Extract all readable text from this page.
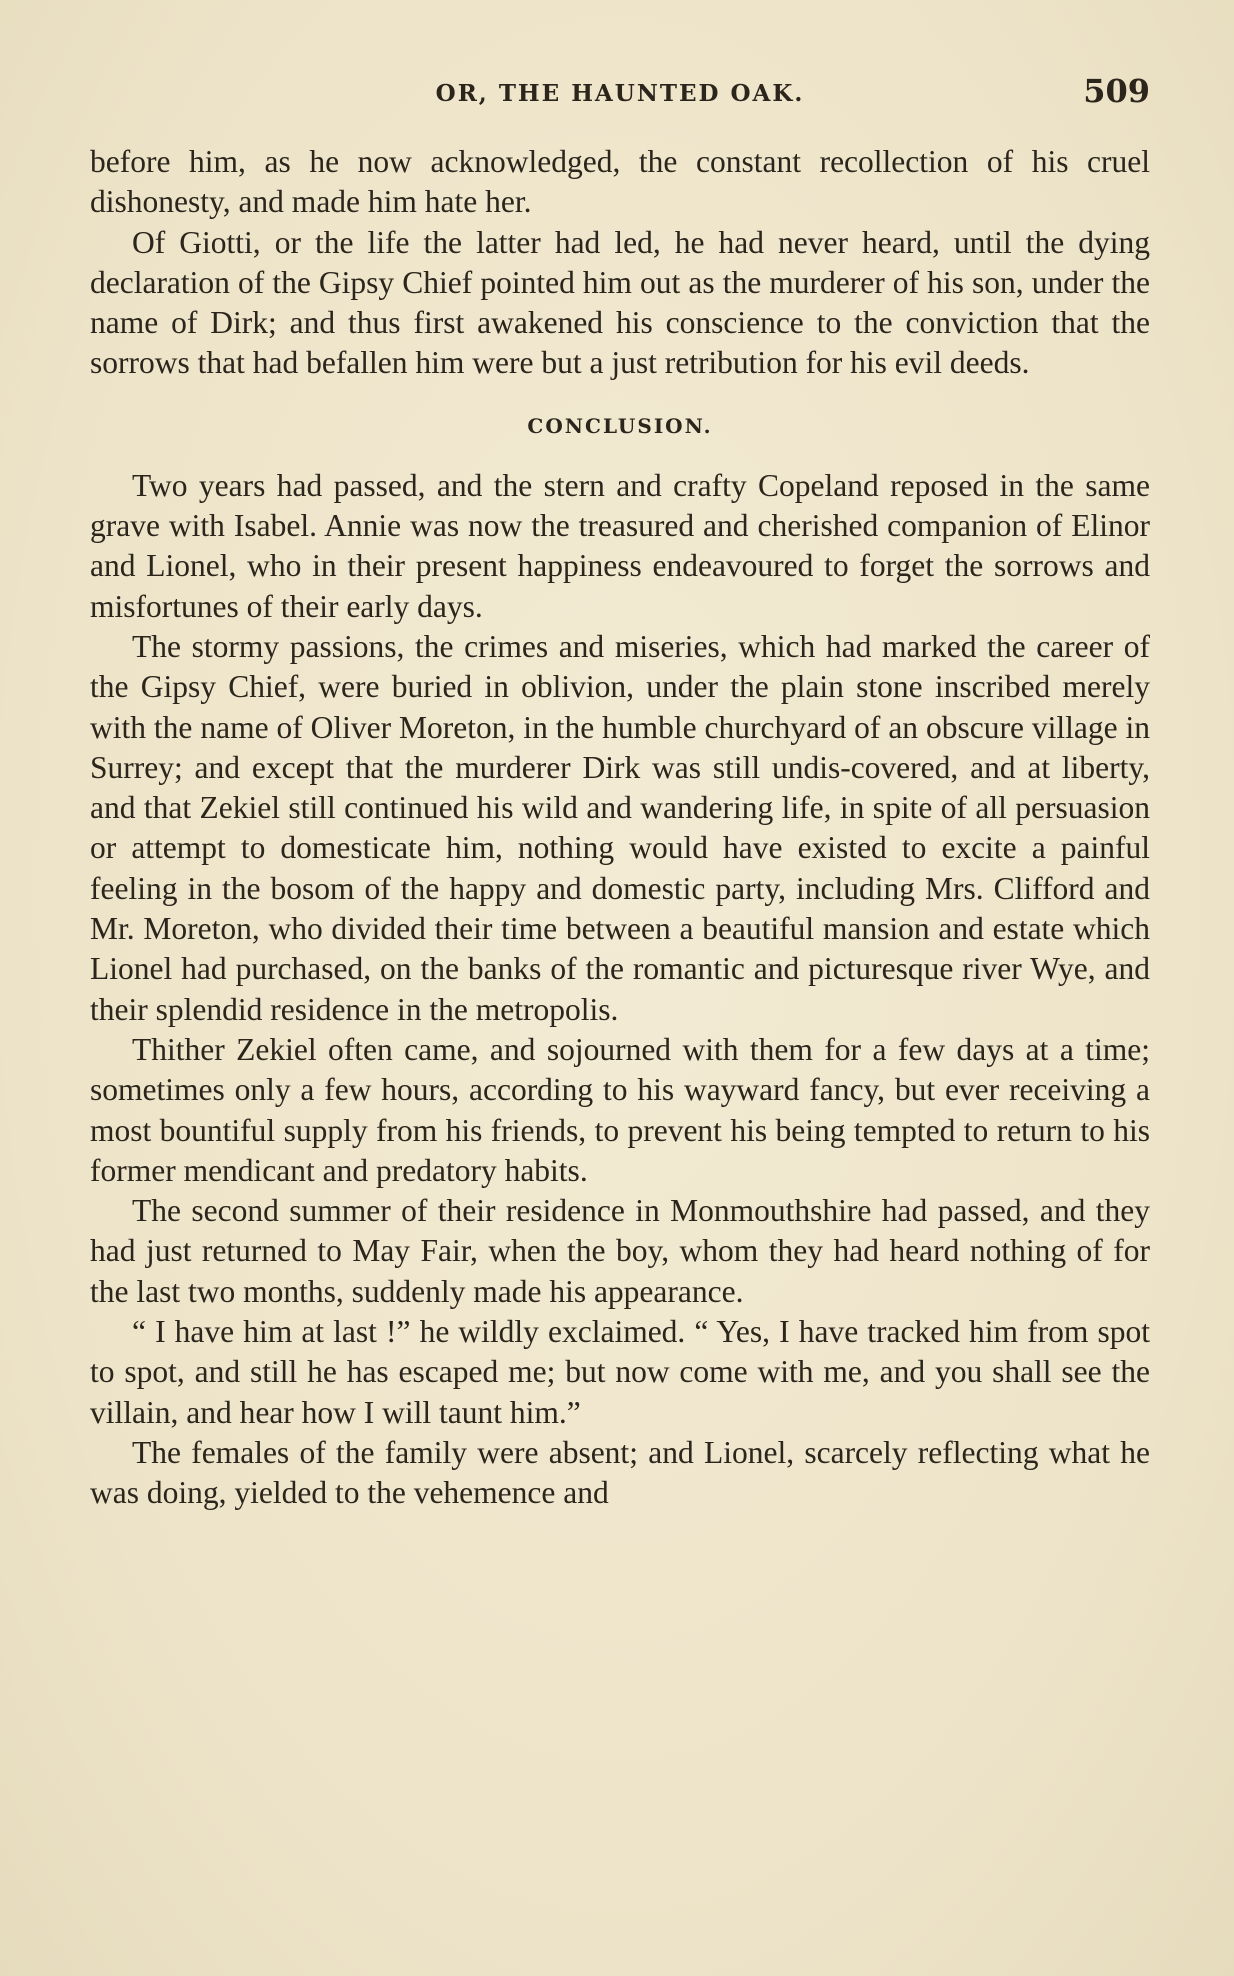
OR, THE HAUNTED OAK.	509

before him, as he now acknowledged, the constant recollection of his cruel dishonesty, and made him hate her.

Of Giotti, or the life the latter had led, he had never heard, until the dying declaration of the Gipsy Chief pointed him out as the murderer of his son, under the name of Dirk; and thus first awakened his conscience to the conviction that the sorrows that had befallen him were but a just retribution for his evil deeds.

CONCLUSION.

Two years had passed, and the stern and crafty Copeland reposed in the same grave with Isabel. Annie was now the treasured and cherished companion of Elinor and Lionel, who in their present happiness endeavoured to forget the sorrows and misfortunes of their early days.

The stormy passions, the crimes and miseries, which had marked the career of the Gipsy Chief, were buried in oblivion, under the plain stone inscribed merely with the name of Oliver Moreton, in the humble churchyard of an obscure village in Surrey; and except that the murderer Dirk was still undis-covered, and at liberty, and that Zekiel still continued his wild and wandering life, in spite of all persuasion or attempt to domesticate him, nothing would have existed to excite a painful feeling in the bosom of the happy and domestic party, including Mrs. Clifford and Mr. Moreton, who divided their time between a beautiful mansion and estate which Lionel had purchased, on the banks of the romantic and picturesque river Wye, and their splendid residence in the metropolis.

Thither Zekiel often came, and sojourned with them for a few days at a time; sometimes only a few hours, according to his wayward fancy, but ever receiving a most bountiful supply from his friends, to prevent his being tempted to return to his former mendicant and predatory habits.

The second summer of their residence in Monmouthshire had passed, and they had just returned to May Fair, when the boy, whom they had heard nothing of for the last two months, suddenly made his appearance.

“ I have him at last !” he wildly exclaimed. “ Yes, I have tracked him from spot to spot, and still he has escaped me; but now come with me, and you shall see the villain, and hear how I will taunt him.”

The females of the family were absent; and Lionel, scarcely reflecting what he was doing, yielded to the vehemence and
